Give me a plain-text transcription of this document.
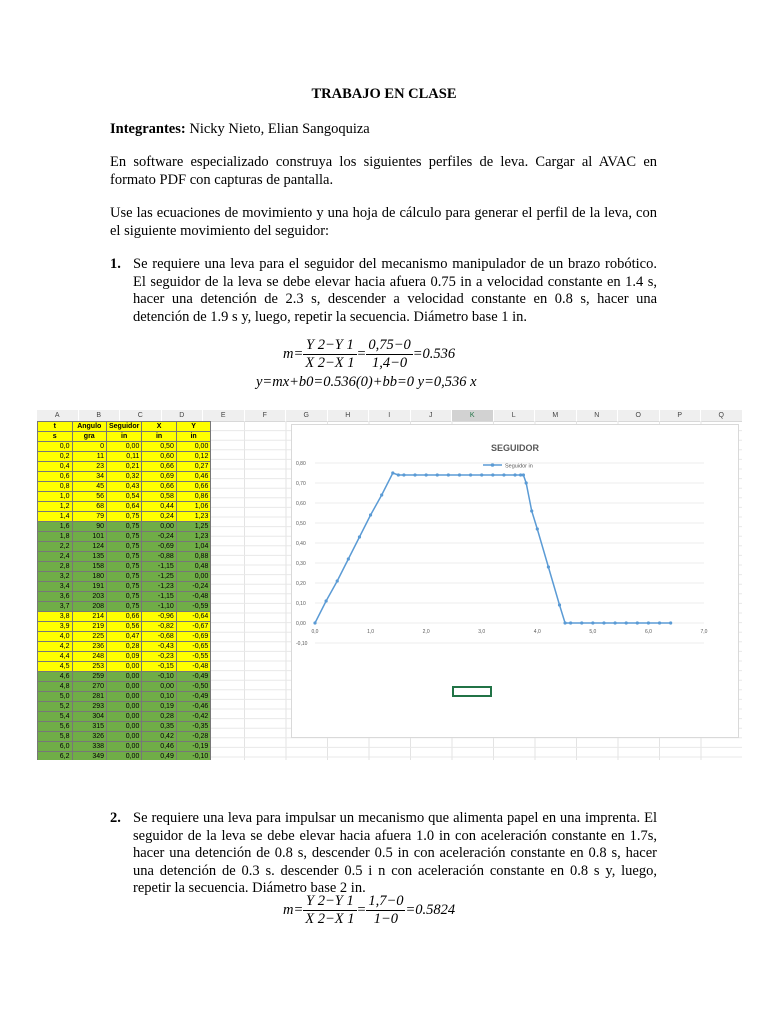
TRABAJO EN CLASE
Integrantes: Nicky Nieto, Elian Sangoquiza
En software especializado construya los siguientes perfiles de leva. Cargar al AVAC en formato PDF con capturas de pantalla.
Use las ecuaciones de movimiento y una hoja de cálculo para generar el perfil de la leva, con el siguiente movimiento del seguidor:
1. Se requiere una leva para el seguidor del mecanismo manipulador de un brazo robótico. El seguidor de la leva se debe elevar hacia afuera 0.75 in a velocidad constante en 1.4 s, hacer una detención de 2.3 s, descender a velocidad constante en 0.8 s, hacer una detención de 1.9 s y, luego, repetir la secuencia. Diámetro base 1 in.
$m= \frac{Y 2-Y 1}{X 2-X 1} = \frac{0,75-0}{1,4-0} =0.536$
y=mx+b0=0.536(0)+bb=0 y=0,536 x
A	B	C	D	E	F	G	H	I	J	K	L	M	N	O	P	Q
t	Angulo	Seguidor	X	Y
s	gra	in	in	in
0,0	0	0,00	0,50	0,00
0,2	11	0,11	0,60	0,12
0,4	23	0,21	0,66	0,27
0,6	34	0,32	0,69	0,46
0,8	45	0,43	0,66	0,66
1,0	56	0,54	0,58	0,86
1,2	68	0,64	0,44	1,06
1,4	79	0,75	0,24	1,23
1,6	90	0,75	0,00	1,25
1,8	101	0,75	-0,24	1,23
2,2	124	0,75	-0,69	1,04
2,4	135	0,75	-0,88	0,88
2,8	158	0,75	-1,15	0,48
3,2	180	0,75	-1,25	0,00
3,4	191	0,75	-1,23	-0,24
3,6	203	0,75	-1,15	-0,48
3,7	208	0,75	-1,10	-0,59
3,8	214	0,66	-0,96	-0,64
3,9	219	0,56	-0,82	-0,67
4,0	225	0,47	-0,68	-0,69
4,2	236	0,28	-0,43	-0,65
4,4	248	0,09	-0,23	-0,55
4,5	253	0,00	-0,15	-0,48
4,6	259	0,00	-0,10	-0,49
4,8	270	0,00	0,00	-0,50
5,0	281	0,00	0,10	-0,49
5,2	293	0,00	0,19	-0,46
5,4	304	0,00	0,28	-0,42
5,6	315	0,00	0,35	-0,35
5,8	326	0,00	0,42	-0,28
6,0	338	0,00	0,46	-0,19
6,2	349	0,00	0,49	-0,10
SEGUIDOR
Seguidor in
0,80
0,70
0,60
0,50
0,40
0,30
0,20
0,10
0,00
-0,10
0,0	1,0	2,0	3,0	4,0	5,0	6,0	7,0
2. Se requiere una leva para impulsar un mecanismo que alimenta papel en una imprenta. El seguidor de la leva se debe elevar hacia afuera 1.0 in con aceleración constante en 1.7s, hacer una detención de 0.8 s, descender 0.5 in con aceleración constante en 0.8 s, hacer una detención de 0.3 s. descender 0.5 i n con aceleración constante en 0.8 s y, luego, repetir la secuencia. Diámetro base 2 in.
$m= \frac{Y 2-Y 1}{X 2-X 1} = \frac{1,7-0}{1-0} =0.5824$
